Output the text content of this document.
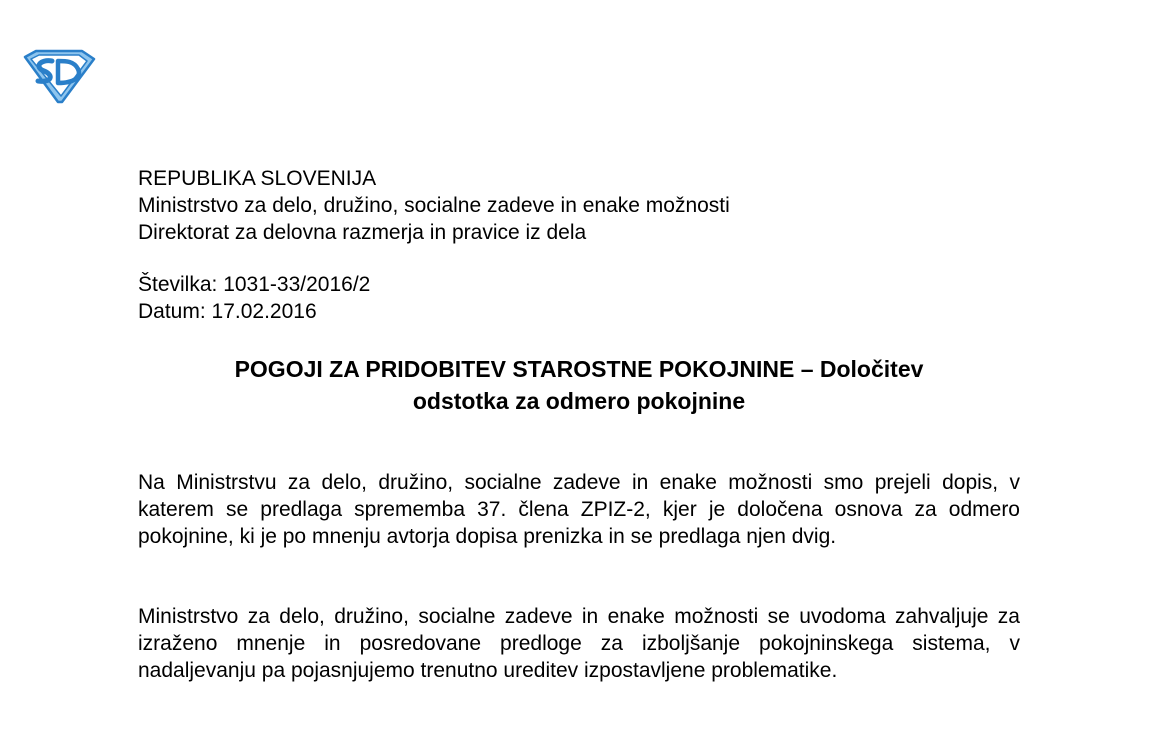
REPUBLIKA SLOVENIJA
Ministrstvo za delo, družino, socialne zadeve in enake možnosti
Direktorat za delovna razmerja in pravice iz dela
Številka: 1031-33/2016/2
Datum: 17.02.2016
POGOJI ZA PRIDOBITEV STAROSTNE POKOJNINE – Določitev
odstotka za odmero pokojnine

Na Ministrstvu za delo, družino, socialne zadeve in enake možnosti smo prejeli dopis, v katerem se predlaga sprememba 37. člena ZPIZ-2, kjer je določena osnova za odmero pokojnine, ki je po mnenju avtorja dopisa prenizka in se predlaga njen dvig.

Ministrstvo za delo, družino, socialne zadeve in enake možnosti se uvodoma zahvaljuje za izraženo mnenje in posredovane predloge za izboljšanje pokojninskega sistema, v nadaljevanju pa pojasnjujemo trenutno ureditev izpostavljene problematike.
